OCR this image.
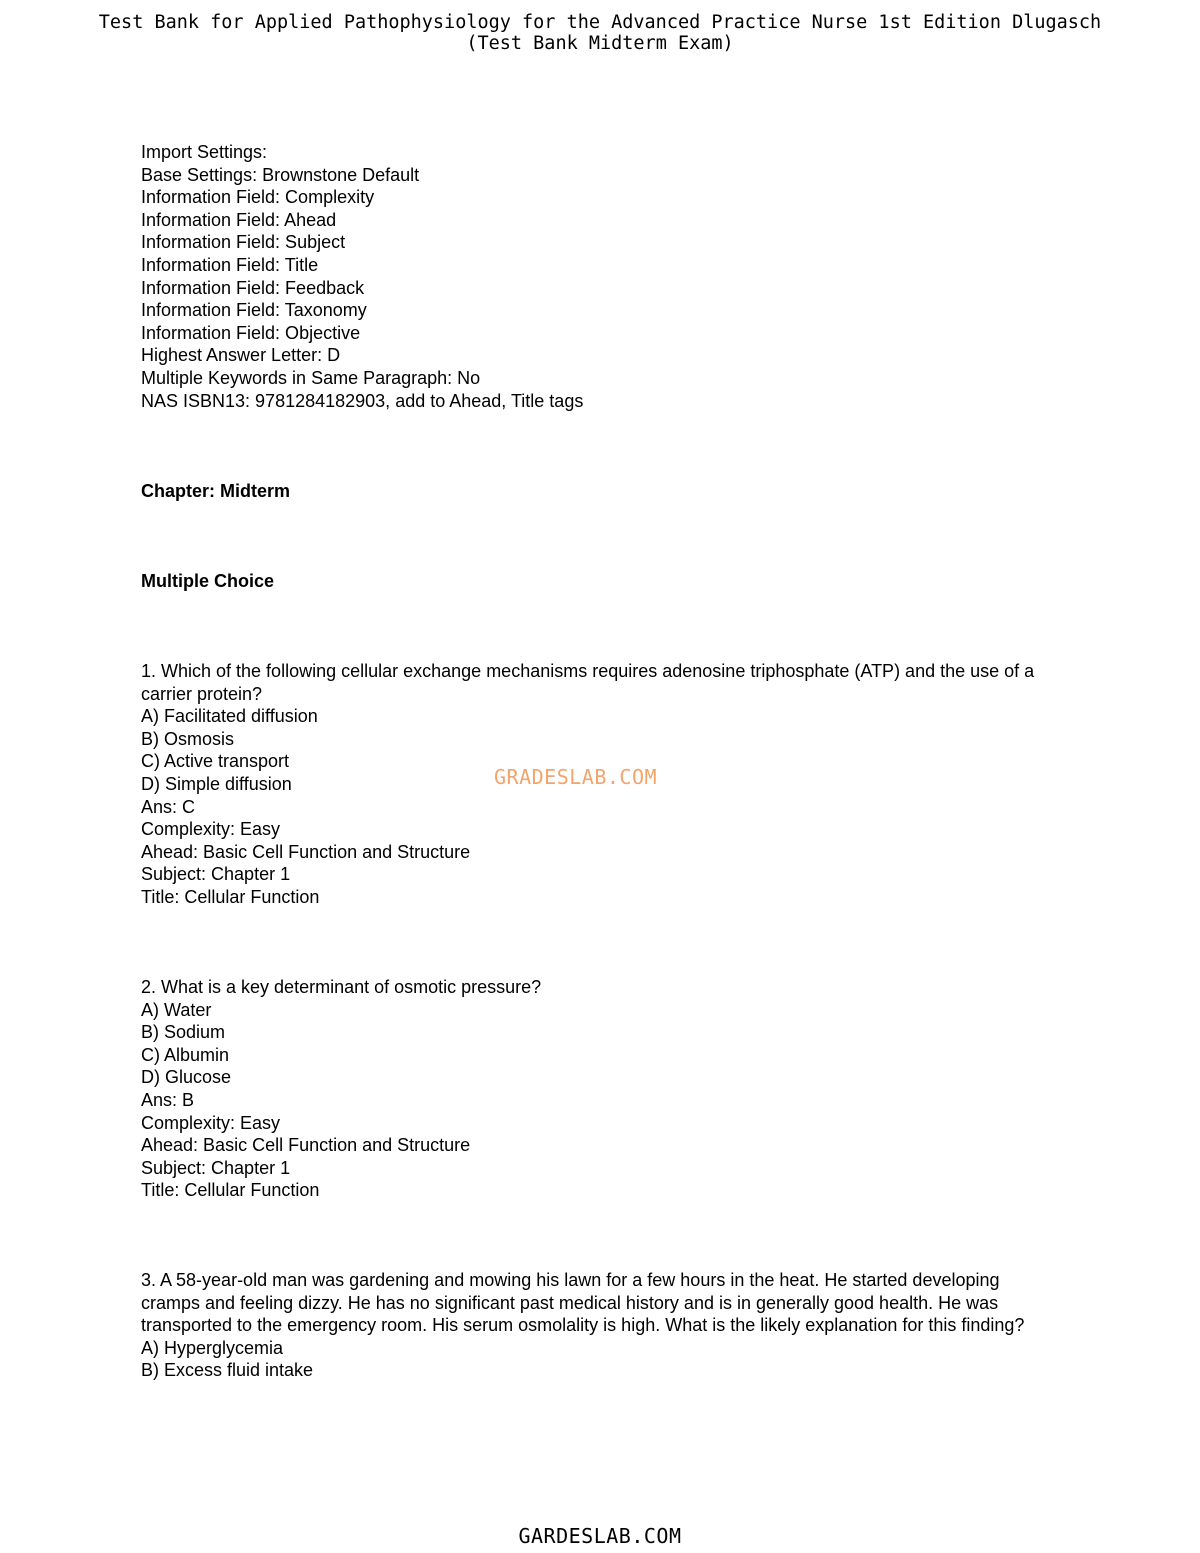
Test Bank for Applied Pathophysiology for the Advanced Practice Nurse 1st Edition Dlugasch
(Test Bank Midterm Exam)
Import Settings:
Base Settings: Brownstone Default
Information Field: Complexity
Information Field: Ahead
Information Field: Subject
Information Field: Title
Information Field: Feedback
Information Field: Taxonomy
Information Field: Objective
Highest Answer Letter: D
Multiple Keywords in Same Paragraph: No
NAS ISBN13: 9781284182903, add to Ahead, Title tags
Chapter: Midterm
Multiple Choice
1. Which of the following cellular exchange mechanisms requires adenosine triphosphate (ATP) and the use of a carrier protein?
A) Facilitated diffusion
B) Osmosis
C) Active transport
D) Simple diffusion
Ans: C
Complexity: Easy
Ahead: Basic Cell Function and Structure
Subject: Chapter 1
Title: Cellular Function
2. What is a key determinant of osmotic pressure?
A) Water
B) Sodium
C) Albumin
D) Glucose
Ans: B
Complexity: Easy
Ahead: Basic Cell Function and Structure
Subject: Chapter 1
Title: Cellular Function
3. A 58-year-old man was gardening and mowing his lawn for a few hours in the heat. He started developing cramps and feeling dizzy. He has no significant past medical history and is in generally good health. He was transported to the emergency room. His serum osmolality is high. What is the likely explanation for this finding?
A) Hyperglycemia
B) Excess fluid intake
GRADESLAB.COM
GARDESLAB.COM
